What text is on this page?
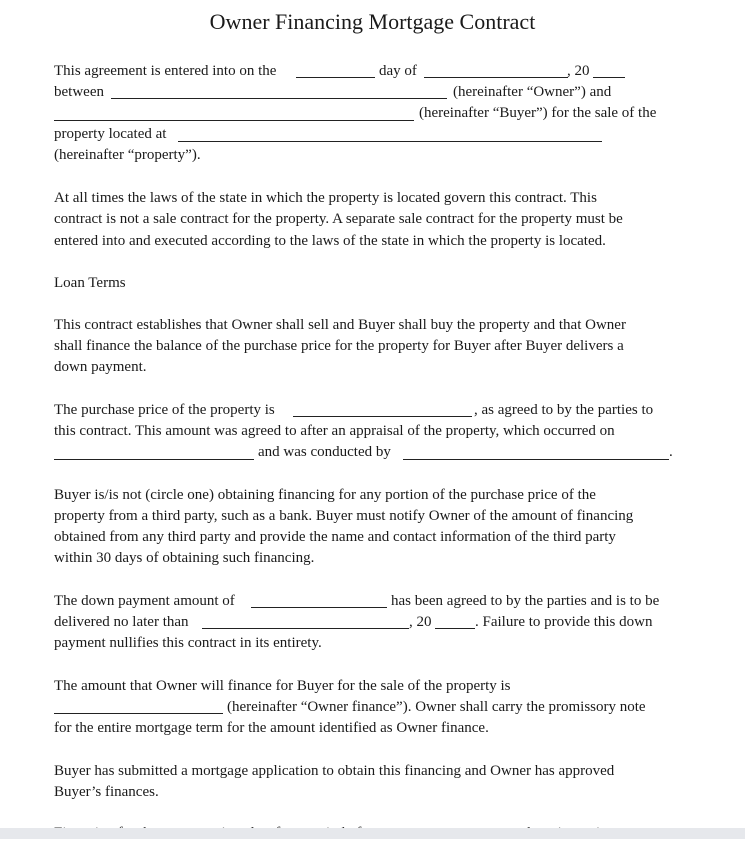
Owner Financing Mortgage Contract
This agreement is entered into on the	day of	, 20
between	(hereinafter “Owner”) and
(hereinafter “Buyer”) for the sale of the
property located at
(hereinafter “property”).
At all times the laws of the state in which the property is located govern this contract. This
contract is not a sale contract for the property. A separate sale contract for the property must be
entered into and executed according to the laws of the state in which the property is located.
Loan Terms
This contract establishes that Owner shall sell and Buyer shall buy the property and that Owner
shall finance the balance of the purchase price for the property for Buyer after Buyer delivers a
down payment.
The purchase price of the property is	, as agreed to by the parties to
this contract. This amount was agreed to after an appraisal of the property, which occurred on
and was conducted by	.
Buyer is/is not (circle one) obtaining financing for any portion of the purchase price of the
property from a third party, such as a bank. Buyer must notify Owner of the amount of financing
obtained from any third party and provide the name and contact information of the third party
within 30 days of obtaining such financing.
The down payment amount of	has been agreed to by the parties and is to be
delivered no later than	, 20	. Failure to provide this down
payment nullifies this contract in its entirety.
The amount that Owner will finance for Buyer for the sale of the property is
(hereinafter “Owner finance”). Owner shall carry the promissory note
for the entire mortgage term for the amount identified as Owner finance.
Buyer has submitted a mortgage application to obtain this financing and Owner has approved
Buyer’s finances.
